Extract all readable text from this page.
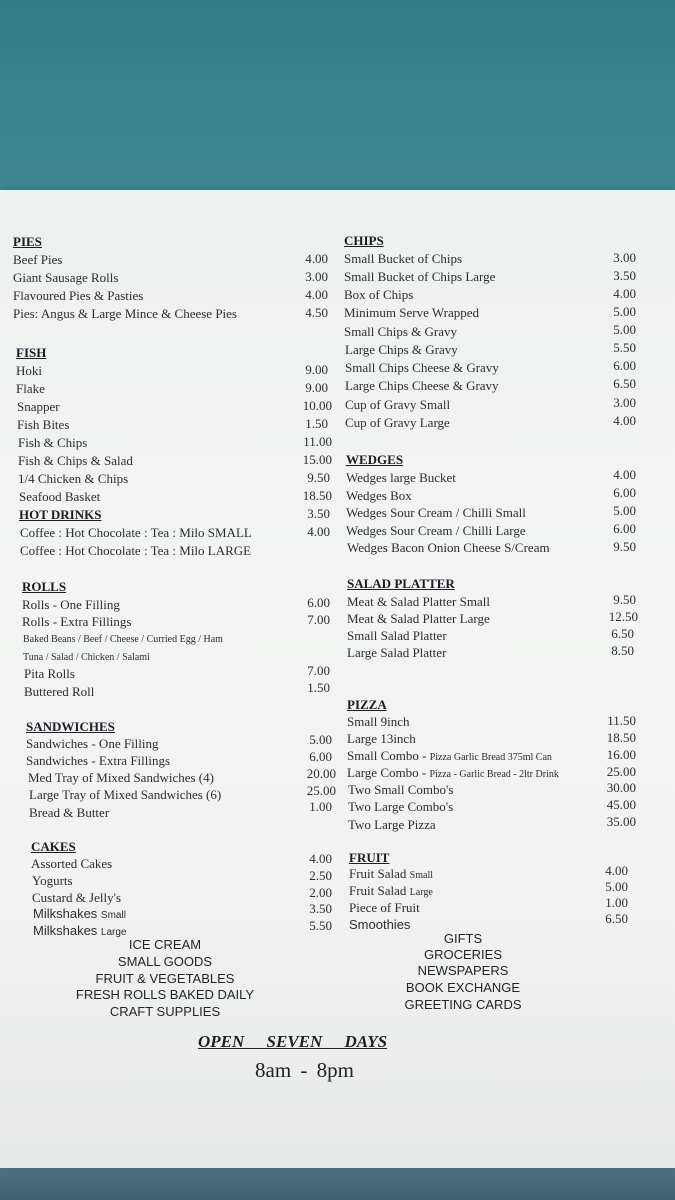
PIES
Beef Pies	4.00
Giant Sausage Rolls	3.00
Flavoured Pies & Pasties	4.00
Pies: Angus & Large Mince & Cheese Pies	4.50
FISH
Hoki	9.00
Flake	9.00
Snapper	10.00
Fish Bites	1.50
Fish & Chips	11.00
Fish & Chips & Salad	15.00
1/4 Chicken & Chips	9.50
Seafood Basket	18.50
HOT DRINKS	3.50
Coffee : Hot Chocolate : Tea : Milo SMALL	4.00
Coffee : Hot Chocolate : Tea : Milo LARGE
ROLLS
Rolls - One Filling	6.00
Rolls - Extra Fillings	7.00
Baked Beans / Beef / Cheese / Curried Egg / Ham
Tuna / Salad / Chicken / Salami
Pita Rolls	7.00
Buttered Roll	1.50
SANDWICHES
Sandwiches - One Filling	5.00
Sandwiches - Extra Fillings	6.00
Med Tray of Mixed Sandwiches (4)	20.00
Large Tray of Mixed Sandwiches (6)	25.00
Bread & Butter	1.00
CAKES
Assorted Cakes	4.00
Yogurts	2.50
Custard & Jelly's	2.00
Milkshakes Small	3.50
Milkshakes Large	5.50
ICE CREAM
SMALL GOODS
FRUIT & VEGETABLES
FRESH ROLLS BAKED DAILY
CRAFT SUPPLIES
CHIPS
Small Bucket of Chips	3.00
Small Bucket of Chips Large	3.50
Box of Chips	4.00
Minimum Serve Wrapped	5.00
Small Chips & Gravy	5.00
Large Chips & Gravy	5.50
Small Chips Cheese & Gravy	6.00
Large Chips Cheese & Gravy	6.50
Cup of Gravy Small	3.00
Cup of Gravy Large	4.00
WEDGES
Wedges large Bucket	4.00
Wedges Box	6.00
Wedges Sour Cream / Chilli Small	5.00
Wedges Sour Cream / Chilli Large	6.00
Wedges Bacon Onion Cheese S/Cream	9.50
SALAD PLATTER
Meat & Salad Platter Small	9.50
Meat & Salad Platter Large	12.50
Small Salad Platter	6.50
Large Salad Platter	8.50
PIZZA
Small 9inch	11.50
Large 13inch	18.50
Small Combo - Pizza Garlic Bread 375ml Can	16.00
Large Combo - Pizza - Garlic Bread - 2ltr Drink	25.00
Two Small Combo's	30.00
Two Large Combo's	45.00
Two Large Pizza	35.00
FRUIT
Fruit Salad Small	4.00
Fruit Salad Large	5.00
Piece of Fruit	1.00
Smoothies	6.50
GIFTS
GROCERIES
NEWSPAPERS
BOOK EXCHANGE
GREETING CARDS
OPEN SEVEN DAYS
8am - 8pm
